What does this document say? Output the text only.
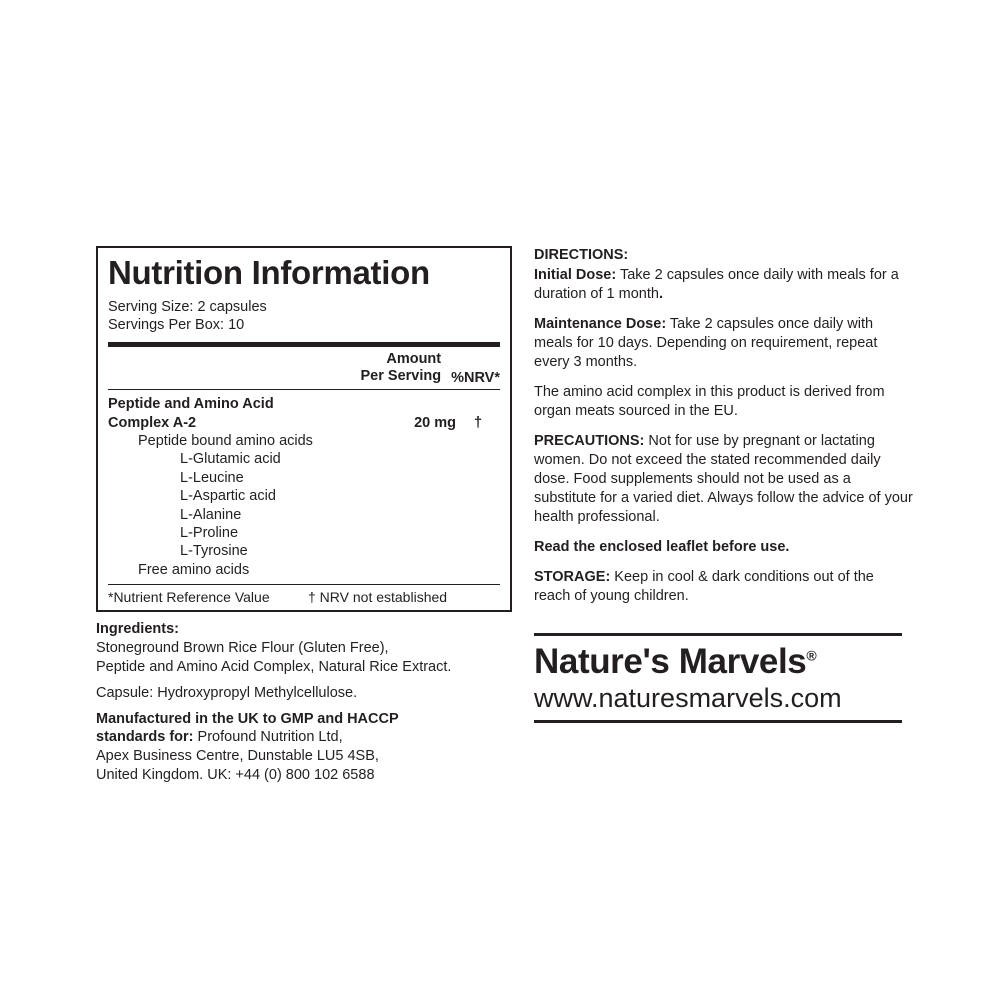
Nutrition Information
Serving Size: 2 capsules
Servings Per Box: 10
Amount
Per Serving %NRV*

Peptide and Amino Acid		
Complex A-2	20 mg	†
Peptide bound amino acids		
L-Glutamic acid		
L-Leucine		
L-Aspartic acid		
L-Alanine		
L-Proline		
L-Tyrosine		
Free amino acids		

*Nutrient Reference Value	† NRV not established

Ingredients:

Stoneground Brown Rice Flour (Gluten Free),

Peptide and Amino Acid Complex, Natural Rice Extract.

Capsule: Hydroxypropyl Methylcellulose.

Manufactured in the UK to GMP and HACCP

standards for: Profound Nutrition Ltd,

Apex Business Centre, Dunstable LU5 4SB,

United Kingdom. UK: +44 (0) 800 102 6588

DIRECTIONS:

Initial Dose: Take 2 capsules once daily with meals for a duration of 1 month.

Maintenance Dose: Take 2 capsules once daily with meals for 10 days. Depending on requirement, repeat every 3 months.

The amino acid complex in this product is derived from organ meats sourced in the EU.

PRECAUTIONS: Not for use by pregnant or lactating women. Do not exceed the stated recommended daily dose. Food supplements should not be used as a substitute for a varied diet. Always follow the advice of your health professional.

Read the enclosed leaflet before use.

STORAGE: Keep in cool & dark conditions out of the reach of young children.

Nature's Marvels®
www.naturesmarvels.com
